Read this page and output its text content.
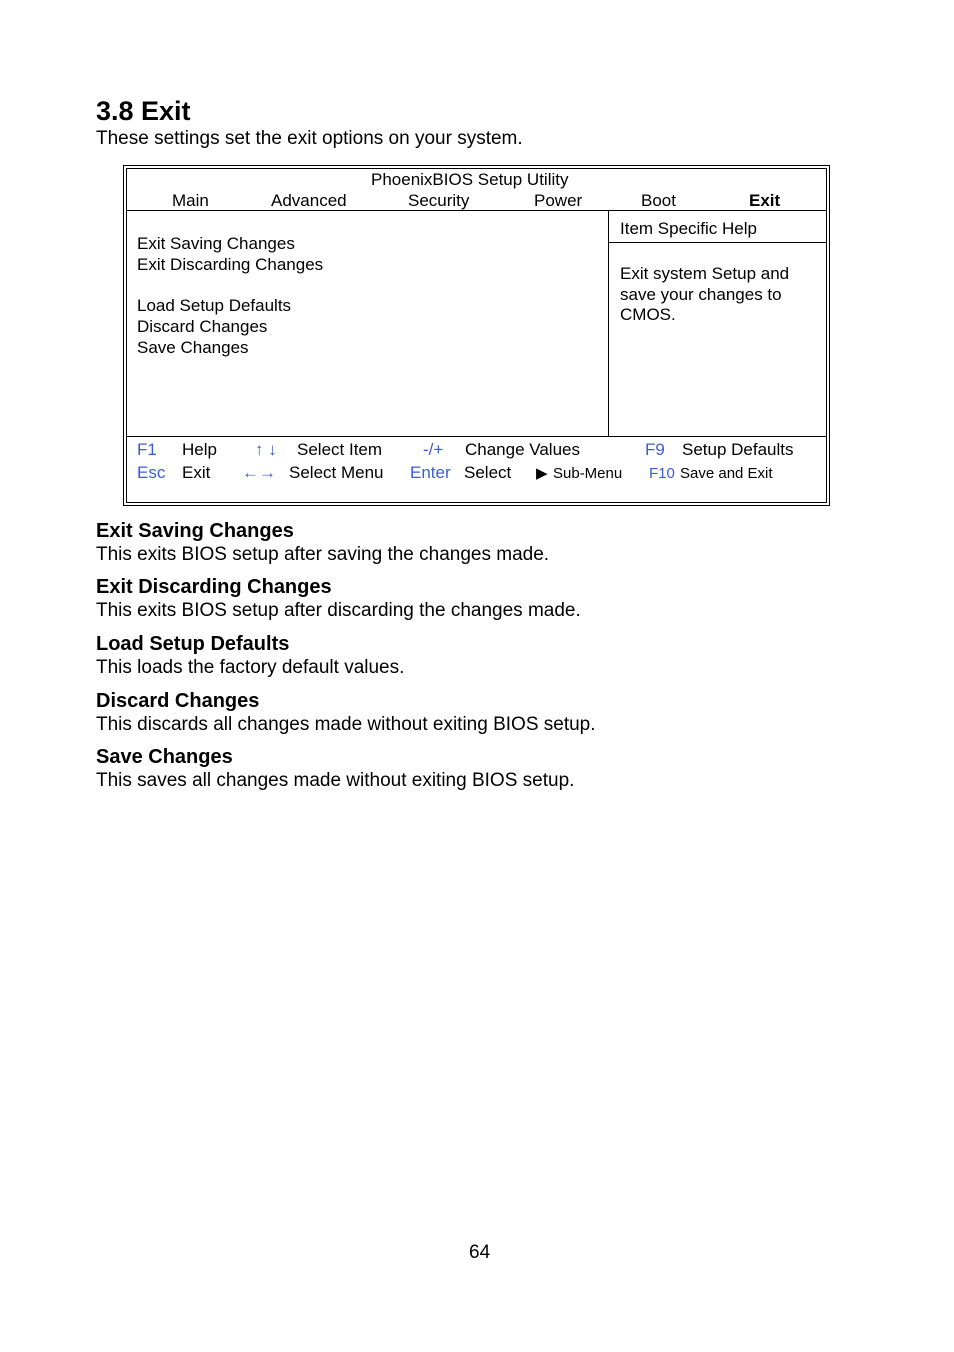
3.8 Exit
These settings set the exit options on your system.
PhoenixBIOS Setup Utility
Main	Advanced	Security	Power	Boot	Exit
Exit Saving Changes
Exit Discarding Changes
Load Setup Defaults
Discard Changes
Save Changes
Item Specific Help
Exit system Setup and
save your changes to
CMOS.
F1 Help ↑ ↓ Select Item -/+ Change Values	F9 Setup Defaults
Esc Exit ←→ Select Menu Enter Select ▶ Sub-Menu F10 Save and Exit
Exit Saving Changes
This exits BIOS setup after saving the changes made.
Exit Discarding Changes
This exits BIOS setup after discarding the changes made.
Load Setup Defaults
This loads the factory default values.
Discard Changes
This discards all changes made without exiting BIOS setup.
Save Changes
This saves all changes made without exiting BIOS setup.
64
